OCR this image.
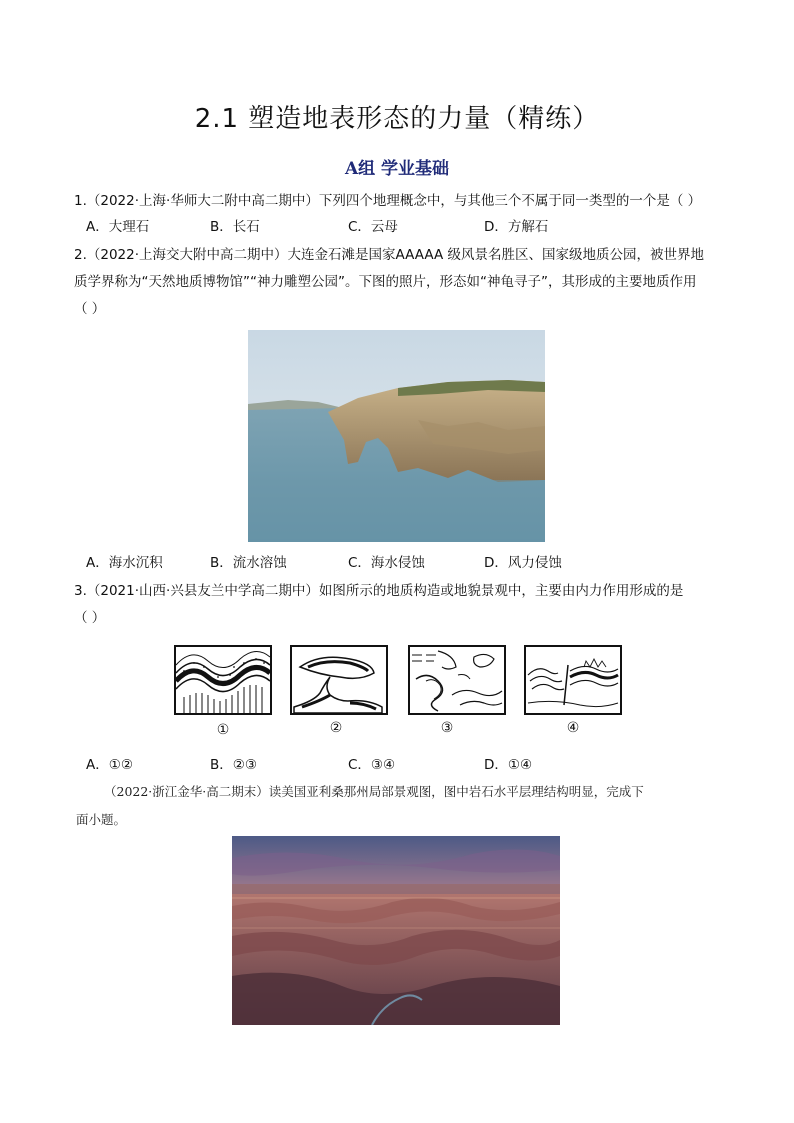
2.1 塑造地表形态的力量（精练）
A组 学业基础
1.（2022·上海·华师大二附中高二期中）下列四个地理概念中，与其他三个不属于同一类型的一个是（ ）
A．大理石	B．长石	C．云母	D．方解石
2.（2022·上海交大附中高二期中）大连金石滩是国家AAAAA 级风景名胜区、国家级地质公园，被世界地
质学界称为“天然地质博物馆”“神力雕塑公园”。下图的照片，形态如“神龟寻子”，其形成的主要地质作用
（ ）
A．海水沉积	B．流水溶蚀	C．海水侵蚀	D．风力侵蚀
3.（2021·山西·兴县友兰中学高二期中）如图所示的地质构造或地貌景观中，主要由内力作用形成的是
（ ）
①	②	③	④
A．①②	B．②③	C．③④	D．①④
（2022·浙江金华·高二期末）读美国亚利桑那州局部景观图，图中岩石水平层理结构明显，完成下
面小题。
